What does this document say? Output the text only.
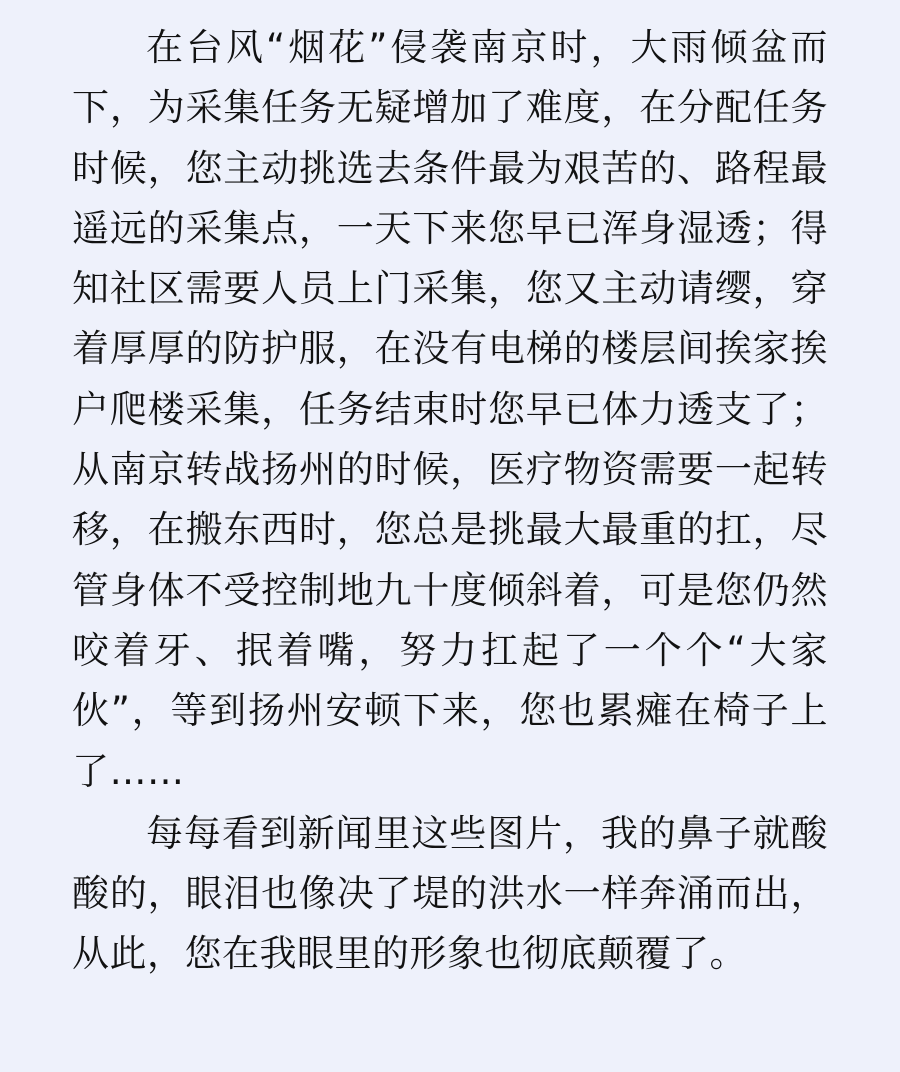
在台风“烟花”侵袭南京时，大雨倾盆而下，为采集任务无疑增加了难度，在分配任务时候，您主动挑选去条件最为艰苦的、路程最遥远的采集点，一天下来您早已浑身湿透；得知社区需要人员上门采集，您又主动请缨，穿着厚厚的防护服，在没有电梯的楼层间挨家挨户爬楼采集，任务结束时您早已体力透支了；从南京转战扬州的时候，医疗物资需要一起转移，在搬东西时，您总是挑最大最重的扛，尽管身体不受控制地九十度倾斜着，可是您仍然咬着牙、抿着嘴，努力扛起了一个个“大家伙”，等到扬州安顿下来，您也累瘫在椅子上了……

每每看到新闻里这些图片，我的鼻子就酸酸的，眼泪也像决了堤的洪水一样奔涌而出，从此，您在我眼里的形象也彻底颠覆了。
